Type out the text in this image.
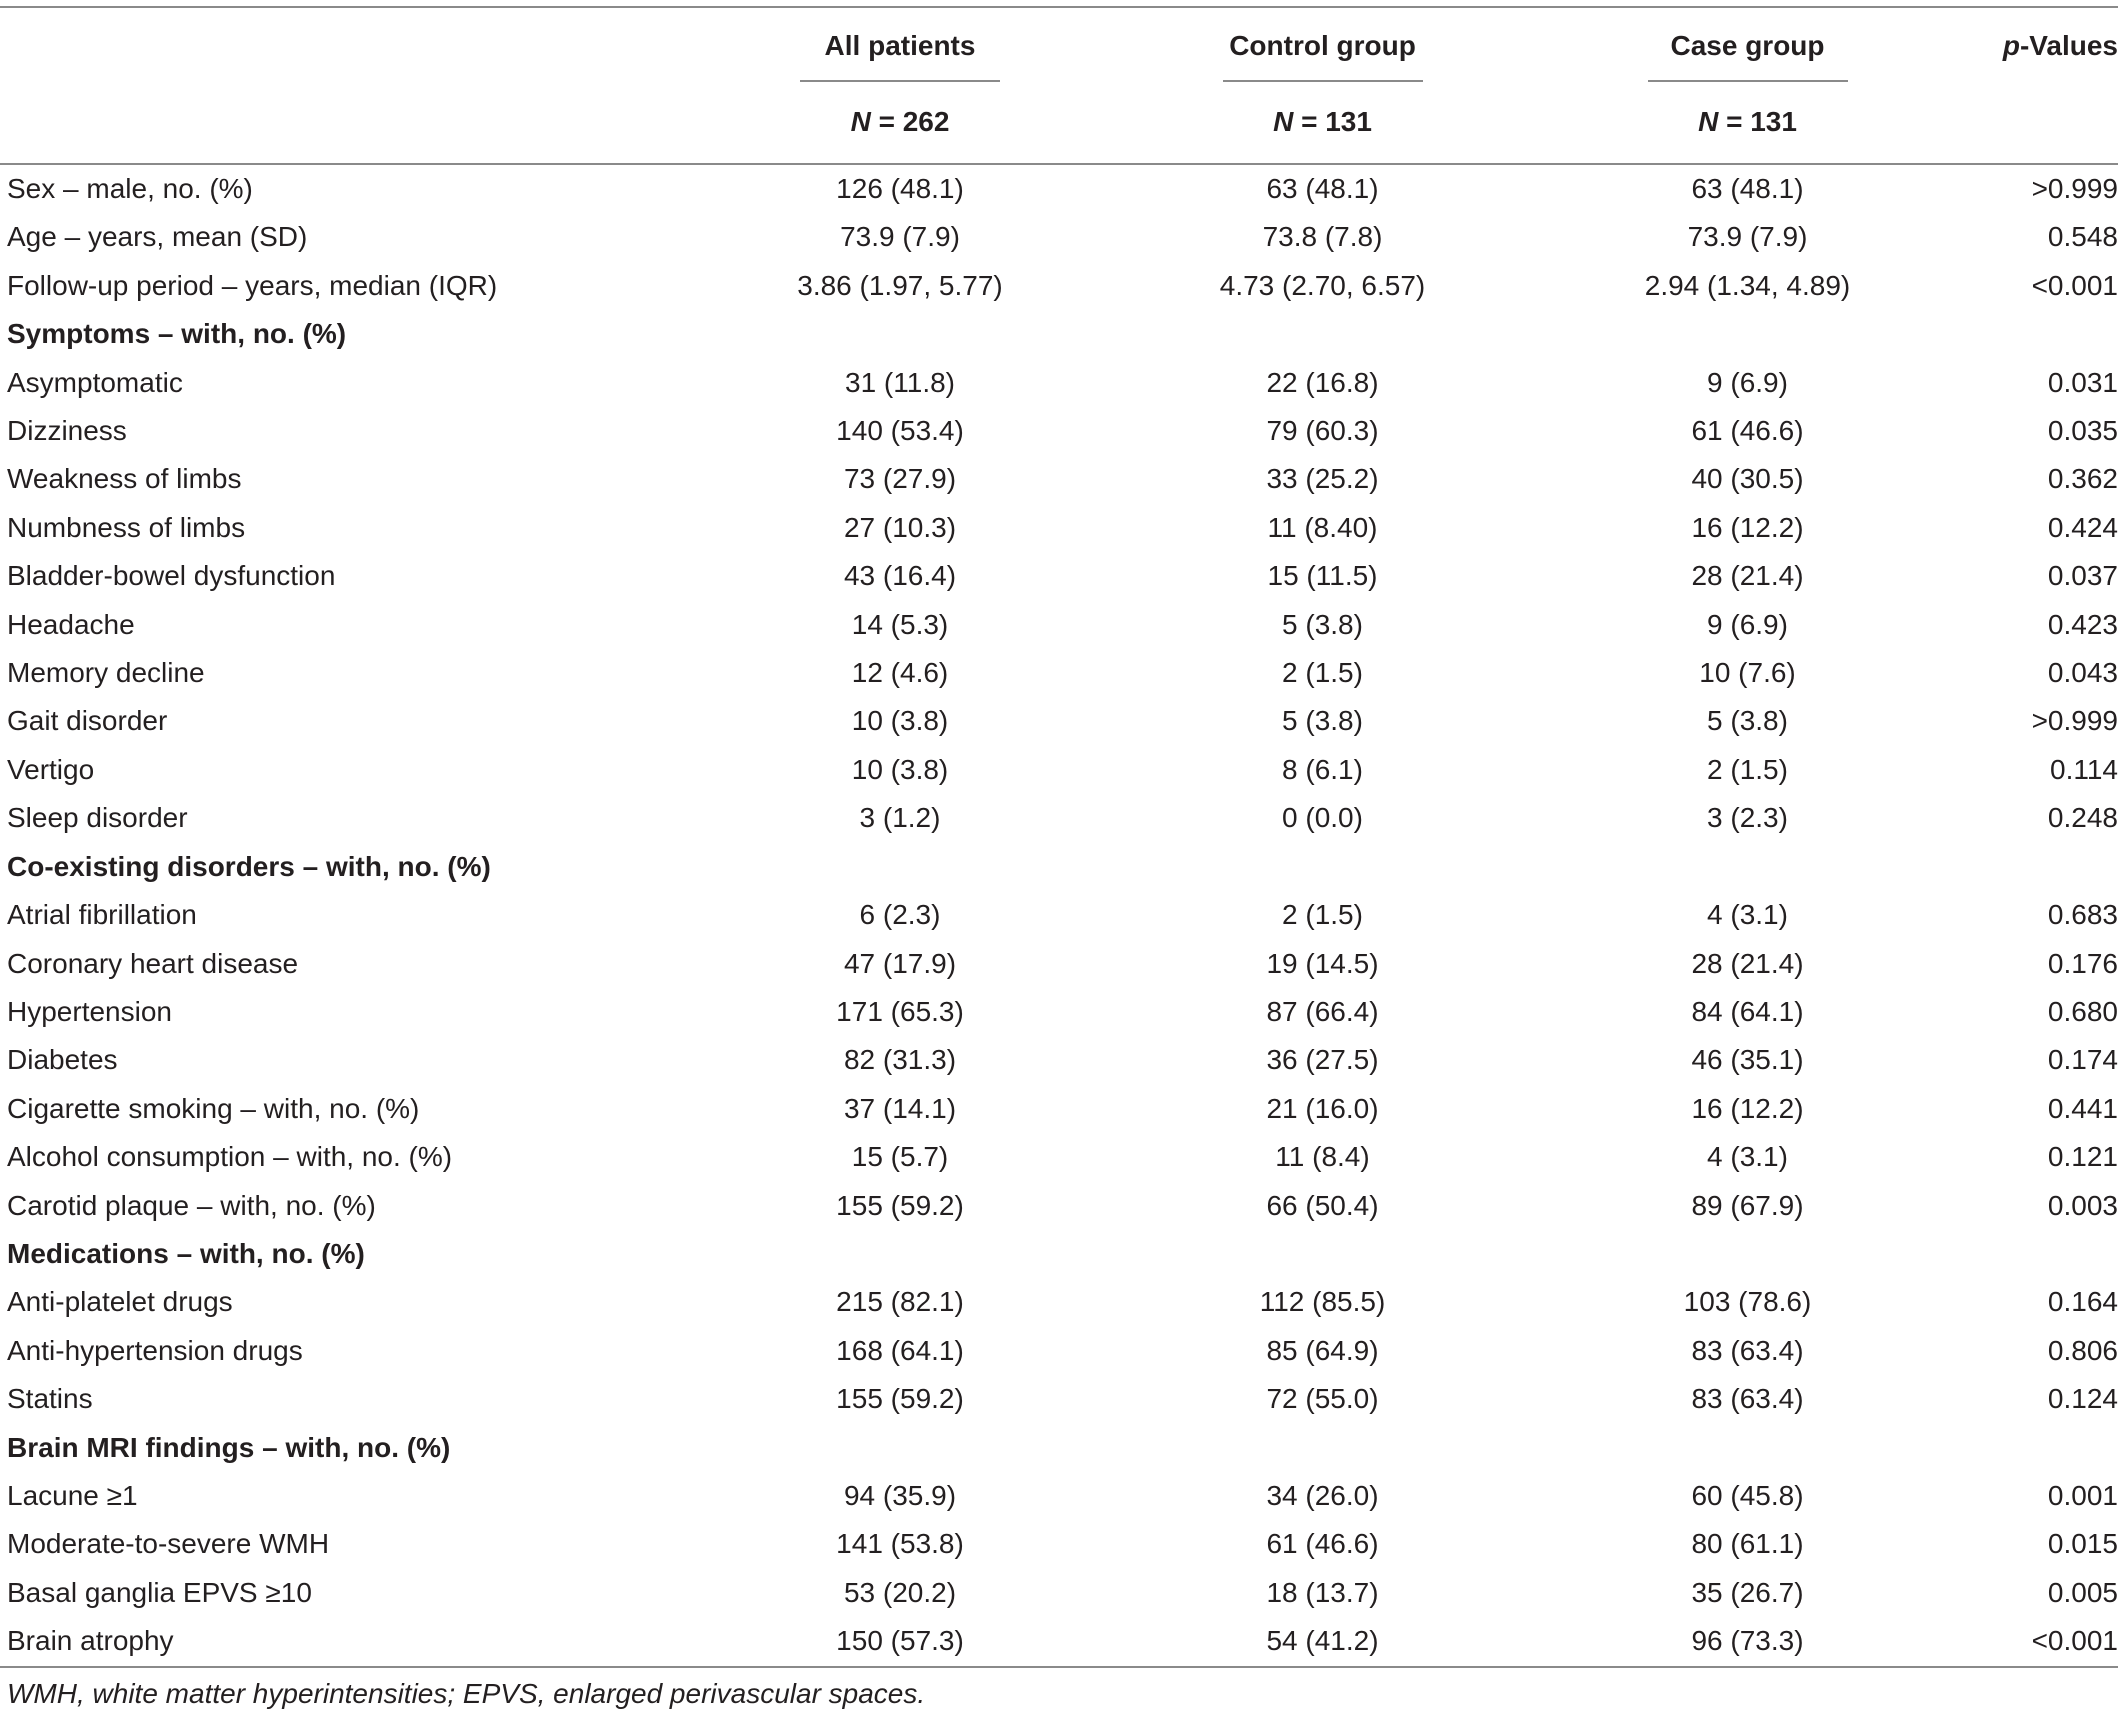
	All patients	Control group	Case group	p-Values
	N = 262	N = 131	N = 131	
Sex – male, no. (%)	126 (48.1)	63 (48.1)	63 (48.1)	>0.999
Age – years, mean (SD)	73.9 (7.9)	73.8 (7.8)	73.9 (7.9)	0.548
Follow-up period – years, median (IQR)	3.86 (1.97, 5.77)	4.73 (2.70, 6.57)	2.94 (1.34, 4.89)	<0.001
Symptoms – with, no. (%)				
Asymptomatic	31 (11.8)	22 (16.8)	9 (6.9)	0.031
Dizziness	140 (53.4)	79 (60.3)	61 (46.6)	0.035
Weakness of limbs	73 (27.9)	33 (25.2)	40 (30.5)	0.362
Numbness of limbs	27 (10.3)	11 (8.40)	16 (12.2)	0.424
Bladder-bowel dysfunction	43 (16.4)	15 (11.5)	28 (21.4)	0.037
Headache	14 (5.3)	5 (3.8)	9 (6.9)	0.423
Memory decline	12 (4.6)	2 (1.5)	10 (7.6)	0.043
Gait disorder	10 (3.8)	5 (3.8)	5 (3.8)	>0.999
Vertigo	10 (3.8)	8 (6.1)	2 (1.5)	0.114
Sleep disorder	3 (1.2)	0 (0.0)	3 (2.3)	0.248
Co-existing disorders – with, no. (%)				
Atrial fibrillation	6 (2.3)	2 (1.5)	4 (3.1)	0.683
Coronary heart disease	47 (17.9)	19 (14.5)	28 (21.4)	0.176
Hypertension	171 (65.3)	87 (66.4)	84 (64.1)	0.680
Diabetes	82 (31.3)	36 (27.5)	46 (35.1)	0.174
Cigarette smoking – with, no. (%)	37 (14.1)	21 (16.0)	16 (12.2)	0.441
Alcohol consumption – with, no. (%)	15 (5.7)	11 (8.4)	4 (3.1)	0.121
Carotid plaque – with, no. (%)	155 (59.2)	66 (50.4)	89 (67.9)	0.003
Medications – with, no. (%)				
Anti-platelet drugs	215 (82.1)	112 (85.5)	103 (78.6)	0.164
Anti-hypertension drugs	168 (64.1)	85 (64.9)	83 (63.4)	0.806
Statins	155 (59.2)	72 (55.0)	83 (63.4)	0.124
Brain MRI findings – with, no. (%)				
Lacune ≥1	94 (35.9)	34 (26.0)	60 (45.8)	0.001
Moderate-to-severe WMH	141 (53.8)	61 (46.6)	80 (61.1)	0.015
Basal ganglia EPVS ≥10	53 (20.2)	18 (13.7)	35 (26.7)	0.005
Brain atrophy	150 (57.3)	54 (41.2)	96 (73.3)	<0.001
WMH, white matter hyperintensities; EPVS, enlarged perivascular spaces.
